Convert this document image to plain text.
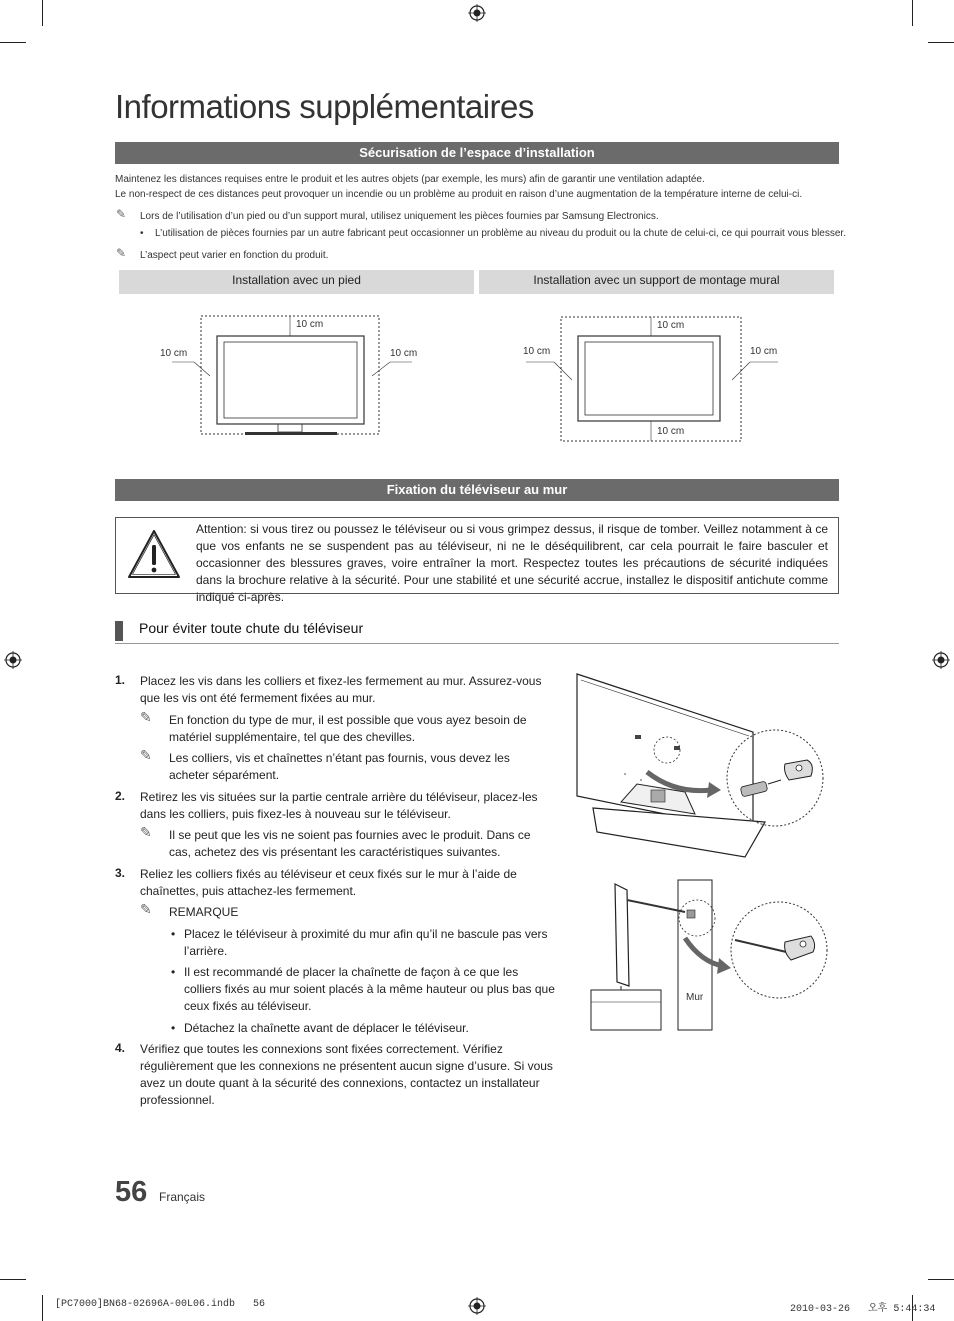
Informations supplémentaires
Sécurisation de l’espace d’installation
Maintenez les distances requises entre le produit et les autres objets (par exemple, les murs) afin de garantir une ventilation adaptée.
Le non-respect de ces distances peut provoquer un incendie ou un problème au produit en raison d’une augmentation de la température interne de celui-ci.
✎ Lors de l’utilisation d’un pied ou d’un support mural, utilisez uniquement les pièces fournies par Samsung Electronics.
• L’utilisation de pièces fournies par un autre fabricant peut occasionner un problème au niveau du produit ou la chute de celui-ci, ce qui pourrait vous blesser.
✎ L’aspect peut varier en fonction du produit.
Installation avec un pied	Installation avec un support de montage mural
10 cm
10 cm	10 cm
10 cm
10 cm	10 cm
10 cm
Fixation du téléviseur au mur
Attention: si vous tirez ou poussez le téléviseur ou si vous grimpez dessus, il risque de tomber. Veillez notamment à ce que vos enfants ne se suspendent pas au téléviseur, ni ne le déséquilibrent, car cela pourrait le faire basculer et occasionner des blessures graves, voire entraîner la mort. Respectez toutes les précautions de sécurité indiquées dans la brochure relative à la sécurité. Pour une stabilité et une sécurité accrue, installez le dispositif antichute comme indiqué ci-après.
Pour éviter toute chute du téléviseur
1. Placez les vis dans les colliers et fixez-les fermement au mur. Assurez-vous que les vis ont été fermement fixées au mur.
✎ En fonction du type de mur, il est possible que vous ayez besoin de matériel supplémentaire, tel que des chevilles.
✎ Les colliers, vis et chaînettes n’étant pas fournis, vous devez les acheter séparément.
2. Retirez les vis situées sur la partie centrale arrière du téléviseur, placez-les dans les colliers, puis fixez-les à nouveau sur le téléviseur.
✎ Il se peut que les vis ne soient pas fournies avec le produit. Dans ce cas, achetez des vis présentant les caractéristiques suivantes.
3. Reliez les colliers fixés au téléviseur et ceux fixés sur le mur à l’aide de chaînettes, puis attachez-les fermement.
✎ REMARQUE
• Placez le téléviseur à proximité du mur afin qu’il ne bascule pas vers l’arrière.
• Il est recommandé de placer la chaînette de façon à ce que les colliers fixés au mur soient placés à la même hauteur ou plus bas que ceux fixés au téléviseur.
• Détachez la chaînette avant de déplacer le téléviseur.
4. Vérifiez que toutes les connexions sont fixées correctement. Vérifiez régulièrement que les connexions ne présentent aucun signe d’usure. Si vous avez un doute quant à la sécurité des connexions, contactez un installateur professionnel.
Mur
56 Français
[PC7000]BN68-02696A-00L06.indb   56	2010-03-26   오후 5:44:34
